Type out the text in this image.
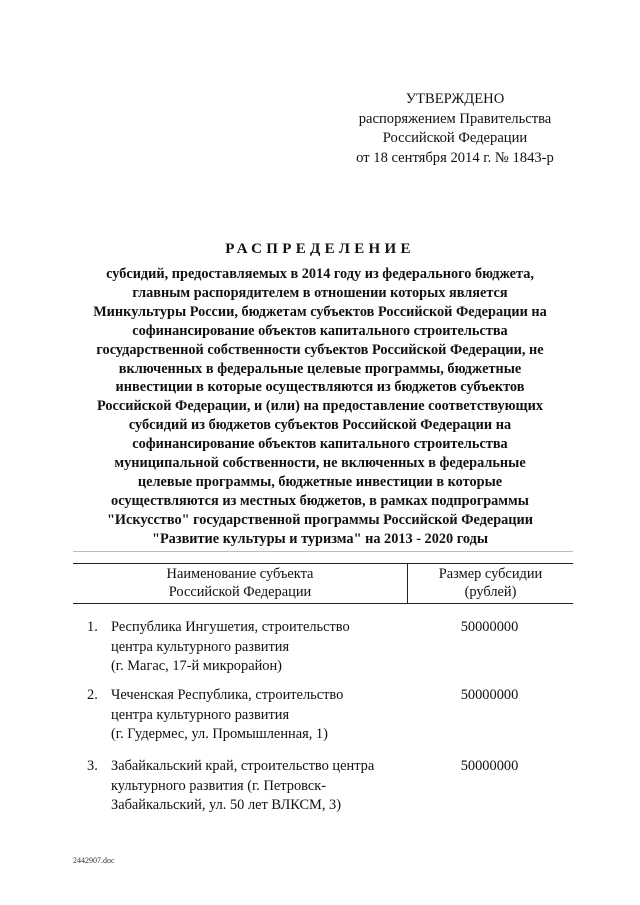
УТВЕРЖДЕНО
распоряжением Правительства
Российской Федерации
от 18 сентября 2014 г. № 1843-р
РАСПРЕДЕЛЕНИЕ
субсидий, предоставляемых в 2014 году из федерального бюджета,
главным распорядителем в отношении которых является
Минкультуры России, бюджетам субъектов Российской Федерации на
софинансирование объектов капитального строительства
государственной собственности субъектов Российской Федерации, не
включенных в федеральные целевые программы, бюджетные
инвестиции в которые осуществляются из бюджетов субъектов
Российской Федерации, и (или) на предоставление соответствующих
субсидий из бюджетов субъектов Российской Федерации на
софинансирование объектов капитального строительства
муниципальной собственности, не включенных в федеральные
целевые программы, бюджетные инвестиции в которые
осуществляются из местных бюджетов, в рамках подпрограммы
"Искусство" государственной программы Российской Федерации
"Развитие культуры и туризма" на 2013 - 2020 годы
Наименование субъекта
Российской Федерации
Размер субсидии
(рублей)
1. Республика Ингушетия, строительство
центра культурного развития
(г. Магас, 17-й микрорайон)
50000000
2. Чеченская Республика, строительство
центра культурного развития
(г. Гудермес, ул. Промышленная, 1)
50000000
3. Забайкальский край, строительство центра
культурного развития (г. Петровск-
Забайкальский, ул. 50 лет ВЛКСМ, 3)
50000000
2442907.doc
